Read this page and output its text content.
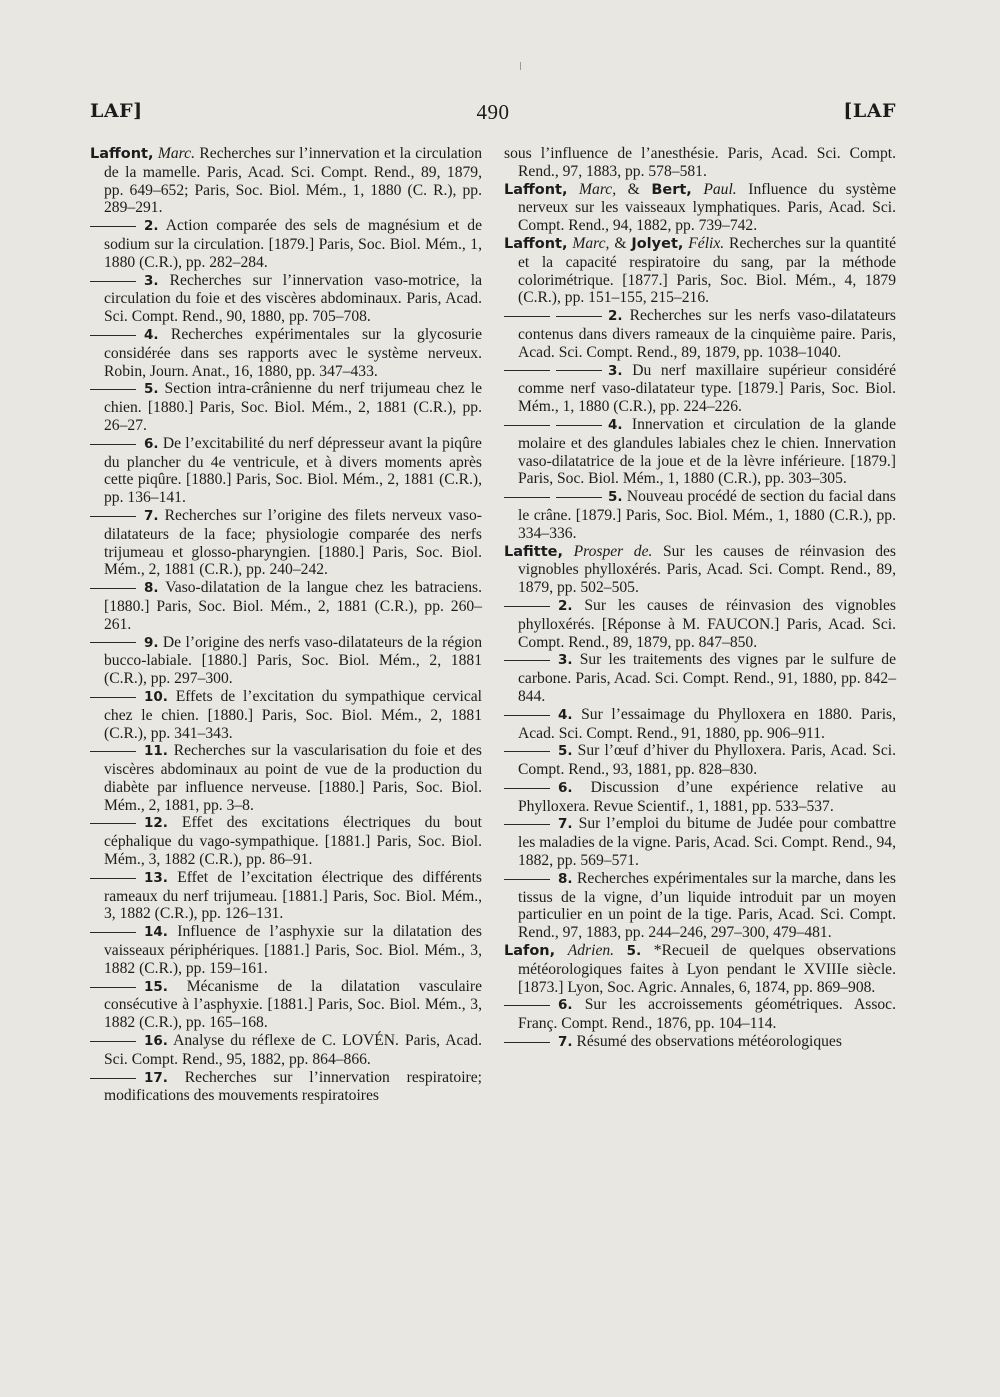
LAF]	490	[LAF

Laffont, Marc. Recherches sur l’innervation et la circulation de la mamelle. Paris, Acad. Sci. Compt. Rend., 89, 1879, pp. 649–652; Paris, Soc. Biol. Mém., 1, 1880 (C. R.), pp. 289–291.

2. Action comparée des sels de magnésium et de sodium sur la circulation. [1879.] Paris, Soc. Biol. Mém., 1, 1880 (C.R.), pp. 282–284.

3. Recherches sur l’innervation vaso-motrice, la circulation du foie et des viscères abdominaux. Paris, Acad. Sci. Compt. Rend., 90, 1880, pp. 705–708.

4. Recherches expérimentales sur la glycosurie considérée dans ses rapports avec le système nerveux. Robin, Journ. Anat., 16, 1880, pp. 347–433.

5. Section intra-crânienne du nerf trijumeau chez le chien. [1880.] Paris, Soc. Biol. Mém., 2, 1881 (C.R.), pp. 26–27.

6. De l’excitabilité du nerf dépresseur avant la piqûre du plancher du 4e ventricule, et à divers moments après cette piqûre. [1880.] Paris, Soc. Biol. Mém., 2, 1881 (C.R.), pp. 136–141.

7. Recherches sur l’origine des filets nerveux vaso-dilatateurs de la face; physiologie comparée des nerfs trijumeau et glosso-pharyngien. [1880.] Paris, Soc. Biol. Mém., 2, 1881 (C.R.), pp. 240–242.

8. Vaso-dilatation de la langue chez les batraciens. [1880.] Paris, Soc. Biol. Mém., 2, 1881 (C.R.), pp. 260–261.

9. De l’origine des nerfs vaso-dilatateurs de la région bucco-labiale. [1880.] Paris, Soc. Biol. Mém., 2, 1881 (C.R.), pp. 297–300.

10. Effets de l’excitation du sympathique cervical chez le chien. [1880.] Paris, Soc. Biol. Mém., 2, 1881 (C.R.), pp. 341–343.

11. Recherches sur la vascularisation du foie et des viscères abdominaux au point de vue de la production du diabète par influence nerveuse. [1880.] Paris, Soc. Biol. Mém., 2, 1881, pp. 3–8.

12. Effet des excitations électriques du bout céphalique du vago-sympathique. [1881.] Paris, Soc. Biol. Mém., 3, 1882 (C.R.), pp. 86–91.

13. Effet de l’excitation électrique des différents rameaux du nerf trijumeau. [1881.] Paris, Soc. Biol. Mém., 3, 1882 (C.R.), pp. 126–131.

14. Influence de l’asphyxie sur la dilatation des vaisseaux périphériques. [1881.] Paris, Soc. Biol. Mém., 3, 1882 (C.R.), pp. 159–161.

15. Mécanisme de la dilatation vasculaire consécutive à l’asphyxie. [1881.] Paris, Soc. Biol. Mém., 3, 1882 (C.R.), pp. 165–168.

16. Analyse du réflexe de C. LOVÉN. Paris, Acad. Sci. Compt. Rend., 95, 1882, pp. 864–866.

17. Recherches sur l’innervation respiratoire; modifications des mouvements respiratoires

sous l’influence de l’anesthésie. Paris, Acad. Sci. Compt. Rend., 97, 1883, pp. 578–581.

Laffont, Marc, & Bert, Paul. Influence du système nerveux sur les vaisseaux lymphatiques. Paris, Acad. Sci. Compt. Rend., 94, 1882, pp. 739–742.

Laffont, Marc, & Jolyet, Félix. Recherches sur la quantité et la capacité respiratoire du sang, par la méthode colorimétrique. [1877.] Paris, Soc. Biol. Mém., 4, 1879 (C.R.), pp. 151–155, 215–216.

2. Recherches sur les nerfs vaso-dilatateurs contenus dans divers rameaux de la cinquième paire. Paris, Acad. Sci. Compt. Rend., 89, 1879, pp. 1038–1040.

3. Du nerf maxillaire supérieur considéré comme nerf vaso-dilatateur type. [1879.] Paris, Soc. Biol. Mém., 1, 1880 (C.R.), pp. 224–226.

4. Innervation et circulation de la glande molaire et des glandules labiales chez le chien. Innervation vaso-dilatatrice de la joue et de la lèvre inférieure. [1879.] Paris, Soc. Biol. Mém., 1, 1880 (C.R.), pp. 303–305.

5. Nouveau procédé de section du facial dans le crâne. [1879.] Paris, Soc. Biol. Mém., 1, 1880 (C.R.), pp. 334–336.

Lafitte, Prosper de. Sur les causes de réinvasion des vignobles phylloxérés. Paris, Acad. Sci. Compt. Rend., 89, 1879, pp. 502–505.

2. Sur les causes de réinvasion des vignobles phylloxérés. [Réponse à M. FAUCON.] Paris, Acad. Sci. Compt. Rend., 89, 1879, pp. 847–850.

3. Sur les traitements des vignes par le sulfure de carbone. Paris, Acad. Sci. Compt. Rend., 91, 1880, pp. 842–844.

4. Sur l’essaimage du Phylloxera en 1880. Paris, Acad. Sci. Compt. Rend., 91, 1880, pp. 906–911.

5. Sur l’œuf d’hiver du Phylloxera. Paris, Acad. Sci. Compt. Rend., 93, 1881, pp. 828–830.

6. Discussion d’une expérience relative au Phylloxera. Revue Scientif., 1, 1881, pp. 533–537.

7. Sur l’emploi du bitume de Judée pour combattre les maladies de la vigne. Paris, Acad. Sci. Compt. Rend., 94, 1882, pp. 569–571.

8. Recherches expérimentales sur la marche, dans les tissus de la vigne, d’un liquide introduit par un moyen particulier en un point de la tige. Paris, Acad. Sci. Compt. Rend., 97, 1883, pp. 244–246, 297–300, 479–481.

Lafon, Adrien. 5. *Recueil de quelques observations météorologiques faites à Lyon pendant le XVIIIe siècle. [1873.] Lyon, Soc. Agric. Annales, 6, 1874, pp. 869–908.

6. Sur les accroissements géométriques. Assoc. Franç. Compt. Rend., 1876, pp. 104–114.

7. Résumé des observations météorologiques
